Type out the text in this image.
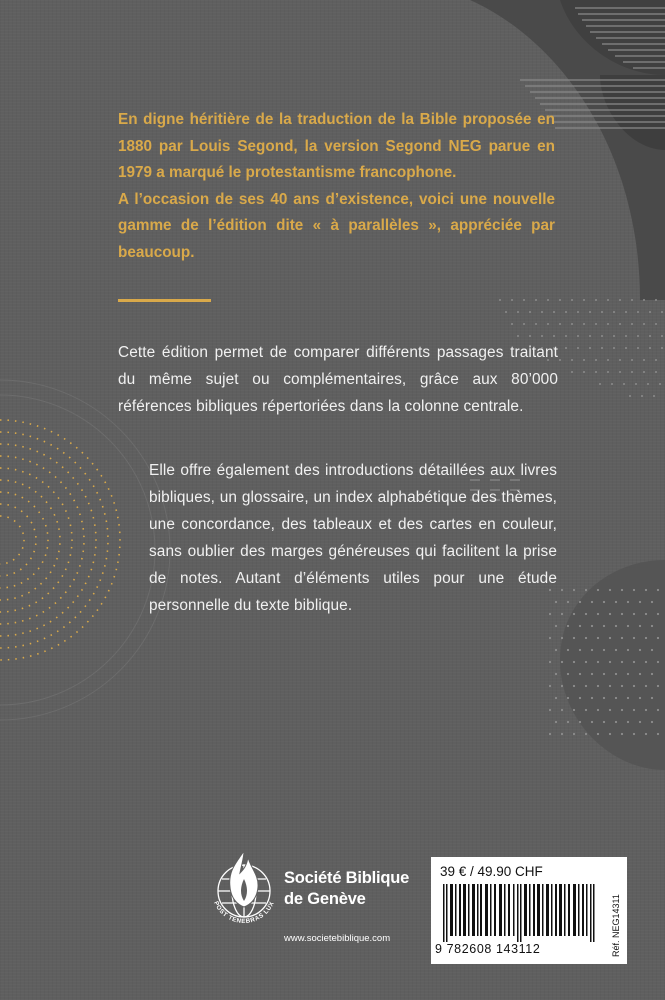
En digne héritière de la traduction de la Bible proposée en 1880 par Louis Segond, la version Segond NEG parue en 1979 a marqué le protestantisme francophone.

A l’occasion de ses 40 ans d’existence, voici une nouvelle gamme de l’édition dite « à parallèles », appréciée par beaucoup.

Cette édition permet de comparer différents passages traitant du même sujet ou complémentaires, grâce aux 80’000 références bibliques répertoriées dans la colonne centrale.

Elle offre également des introductions détaillées aux livres bibliques, un glossaire, un index alphabétique des thèmes, une concordance, des tableaux et des cartes en couleur, sans oublier des marges généreuses qui facilitent la prise de notes. Autant d’éléments utiles pour une étude personnelle du texte biblique.

POST TENEBRAS LUX
Société Biblique
de Genève
www.societebiblique.com
39 € / 49.90 CHF
9 782608 143112	Réf. NEG14311
